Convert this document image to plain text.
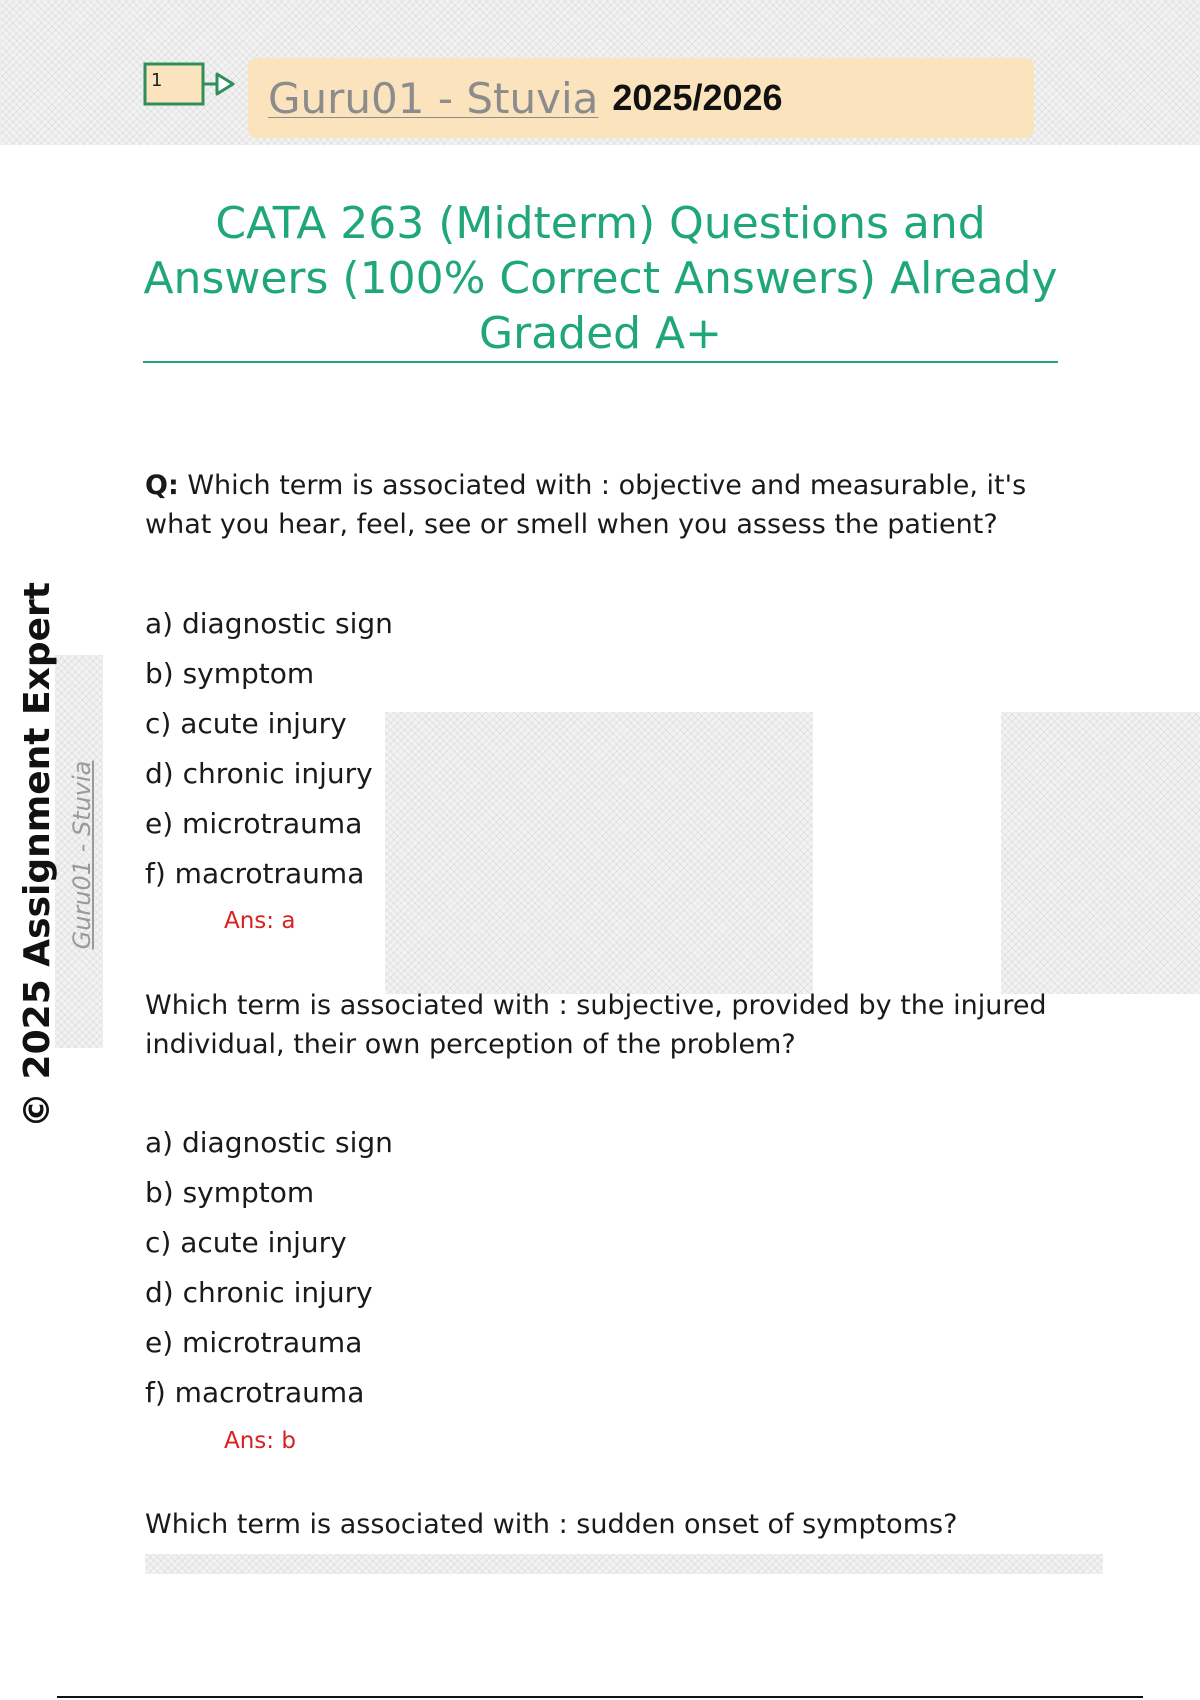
1	Guru01 - Stuvia 2025/2026
CATA 263 (Midterm) Questions and Answers (100% Correct Answers) Already Graded A+
© 2025 Assignment Expert Guru01 - Stuvia
Q: Which term is associated with : objective and measurable, it's what you hear, feel, see or smell when you assess the patient?
a) diagnostic sign
b) symptom
c) acute injury
d) chronic injury
e) microtrauma
f) macrotrauma
Ans: a
Which term is associated with : subjective, provided by the injured individual, their own perception of the problem?
a) diagnostic sign
b) symptom
c) acute injury
d) chronic injury
e) microtrauma
f) macrotrauma
Ans: b
Which term is associated with : sudden onset of symptoms?
